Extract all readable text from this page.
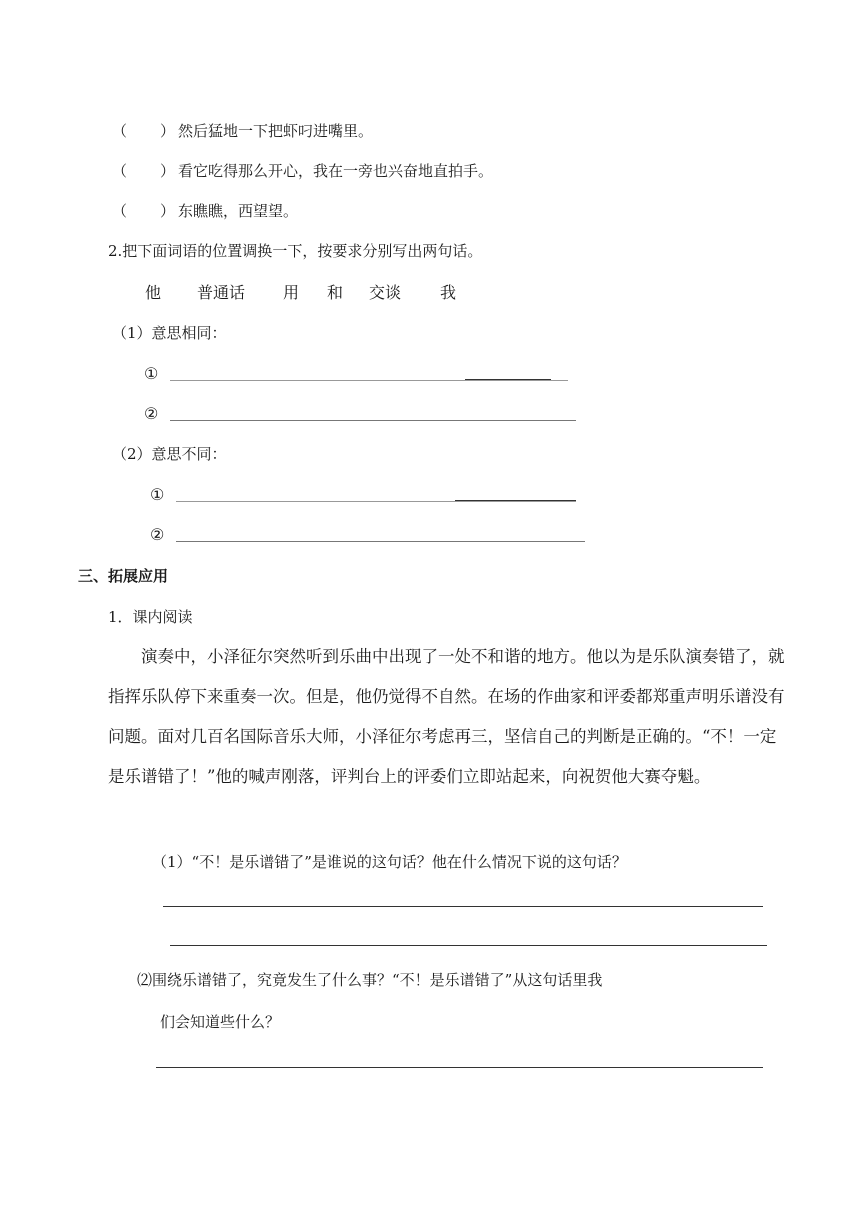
（ ） 然后猛地一下把虾叼进嘴里。
（ ） 看它吃得那么开心，我在一旁也兴奋地直拍手。
（ ） 东瞧瞧，西望望。
2.把下面词语的位置调换一下，按要求分别写出两句话。
他 普通话 用 和 交谈 我
（1）意思相同：
①
②
（2）意思不同：
①
②
三、拓展应用
1．课内阅读
演奏中，小泽征尔突然听到乐曲中出现了一处不和谐的地方。他以为是乐队演奏错了，就指挥乐队停下来重奏一次。但是，他仍觉得不自然。在场的作曲家和评委都郑重声明乐谱没有问题。面对几百名国际音乐大师，小泽征尔考虑再三，坚信自己的判断是正确的。“不！一定是乐谱错了！”他的喊声刚落，评判台上的评委们立即站起来，向祝贺他大赛夺魁。
（1）“不！是乐谱错了”是谁说的这句话？他在什么情况下说的这句话？
⑵围绕乐谱错了，究竟发生了什么事？“不！是乐谱错了”从这句话里我
们会知道些什么？
